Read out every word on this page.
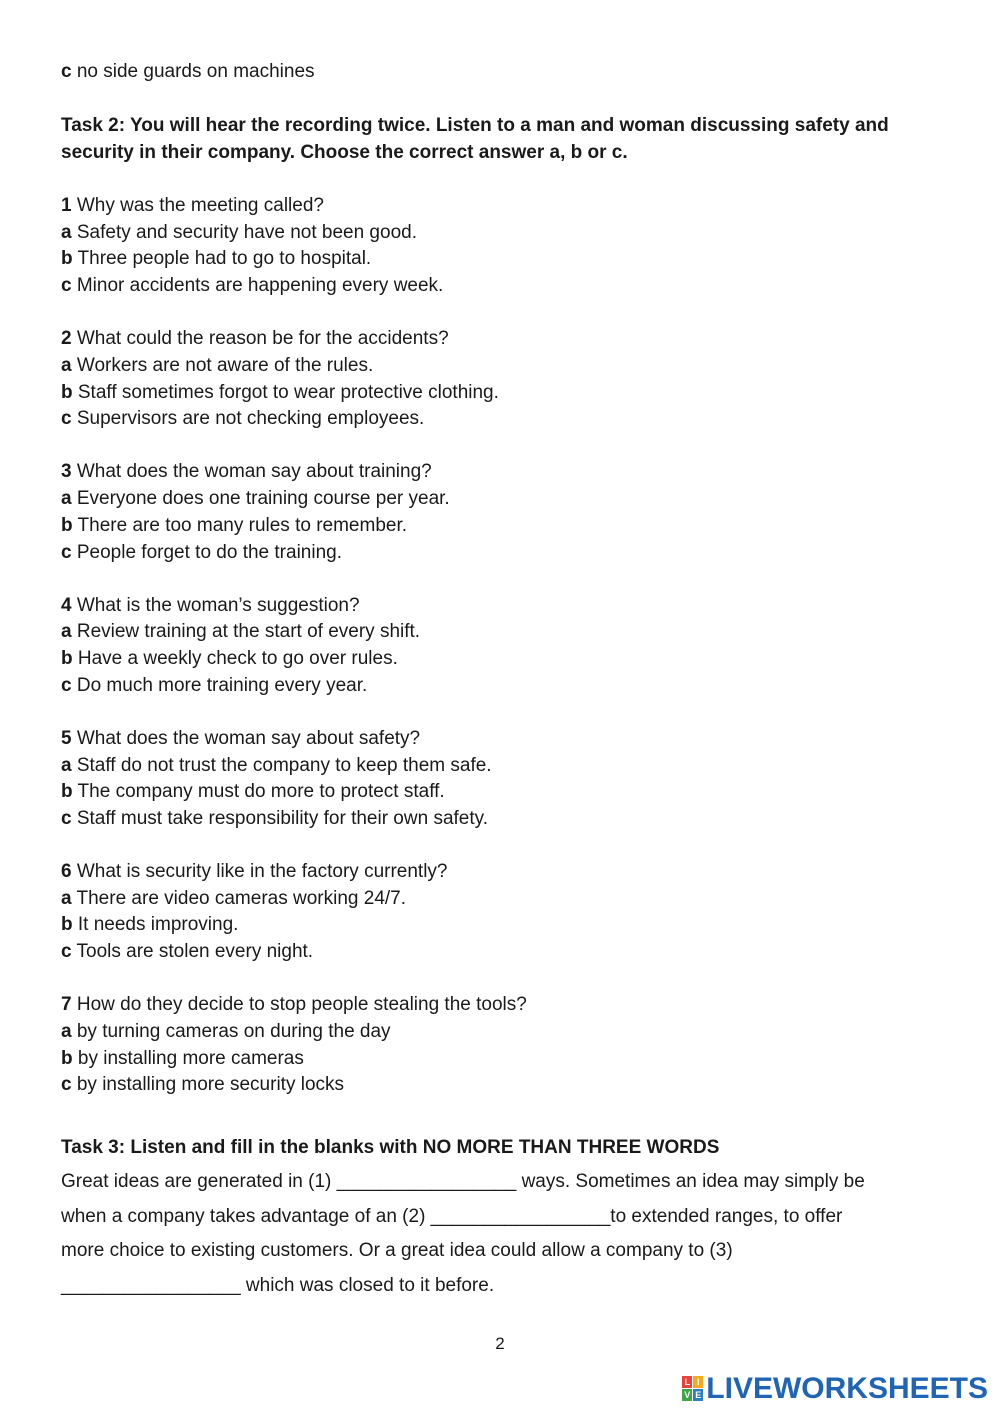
c no side guards on machines
Task 2: You will hear the recording twice. Listen to a man and woman discussing safety and security in their company. Choose the correct answer a, b or c.
1 Why was the meeting called?
a Safety and security have not been good.
b Three people had to go to hospital.
c Minor accidents are happening every week.
2 What could the reason be for the accidents?
a Workers are not aware of the rules.
b Staff sometimes forgot to wear protective clothing.
c Supervisors are not checking employees.
3 What does the woman say about training?
a Everyone does one training course per year.
b There are too many rules to remember.
c People forget to do the training.
4 What is the woman’s suggestion?
a Review training at the start of every shift.
b Have a weekly check to go over rules.
c Do much more training every year.
5 What does the woman say about safety?
a Staff do not trust the company to keep them safe.
b The company must do more to protect staff.
c Staff must take responsibility for their own safety.
6 What is security like in the factory currently?
a There are video cameras working 24/7.
b It needs improving.
c Tools are stolen every night.
7 How do they decide to stop people stealing the tools?
a by turning cameras on during the day
b by installing more cameras
c by installing more security locks
Task 3: Listen and fill in the blanks with NO MORE THAN THREE WORDS
Great ideas are generated in (1) _________________ ways. Sometimes an idea may simply be
when a company takes advantage of an (2) _________________to extended ranges, to offer
more choice to existing customers. Or a great idea could allow a company to (3)
_________________ which was closed to it before.
2
L I
V E LIVEWORKSHEETS
